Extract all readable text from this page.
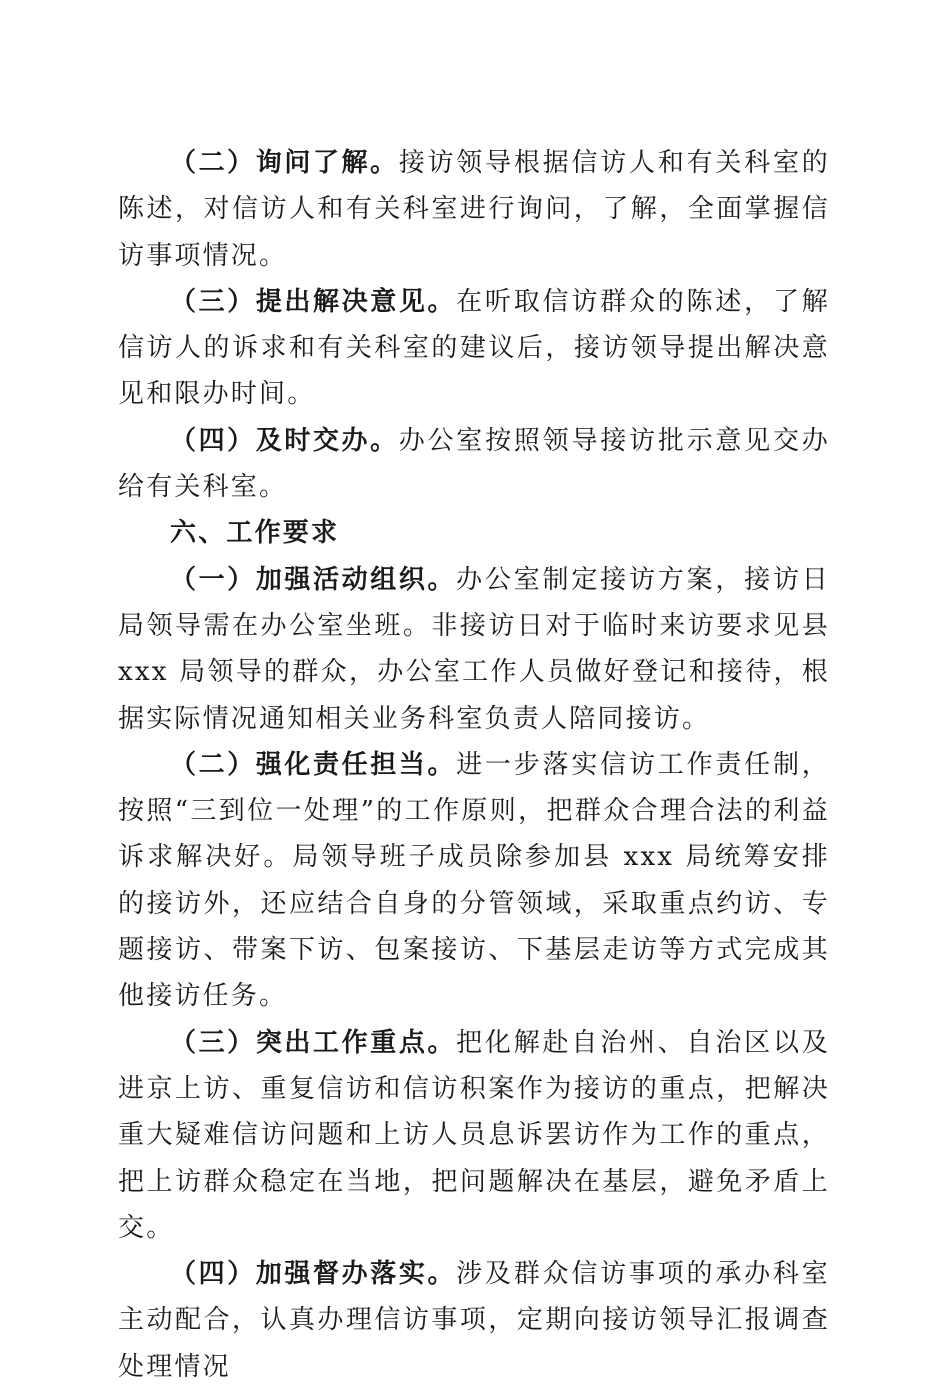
（二）询问了解。接访领导根据信访人和有关科室的陈述，对信访人和有关科室进行询问，了解，全面掌握信访事项情况。

（三）提出解决意见。在听取信访群众的陈述，了解信访人的诉求和有关科室的建议后，接访领导提出解决意见和限办时间。

（四）及时交办。办公室按照领导接访批示意见交办给有关科室。

六、工作要求

（一）加强活动组织。办公室制定接访方案，接访日局领导需在办公室坐班。非接访日对于临时来访要求见县 xxx 局领导的群众，办公室工作人员做好登记和接待，根据实际情况通知相关业务科室负责人陪同接访。

（二）强化责任担当。进一步落实信访工作责任制，按照“三到位一处理”的工作原则，把群众合理合法的利益诉求解决好。局领导班子成员除参加县 xxx 局统筹安排的接访外，还应结合自身的分管领域，采取重点约访、专题接访、带案下访、包案接访、下基层走访等方式完成其他接访任务。

（三）突出工作重点。把化解赴自治州、自治区以及进京上访、重复信访和信访积案作为接访的重点，把解决重大疑难信访问题和上访人员息诉罢访作为工作的重点，把上访群众稳定在当地，把问题解决在基层，避免矛盾上交。

（四）加强督办落实。涉及群众信访事项的承办科室主动配合，认真办理信访事项，定期向接访领导汇报调查处理情况
